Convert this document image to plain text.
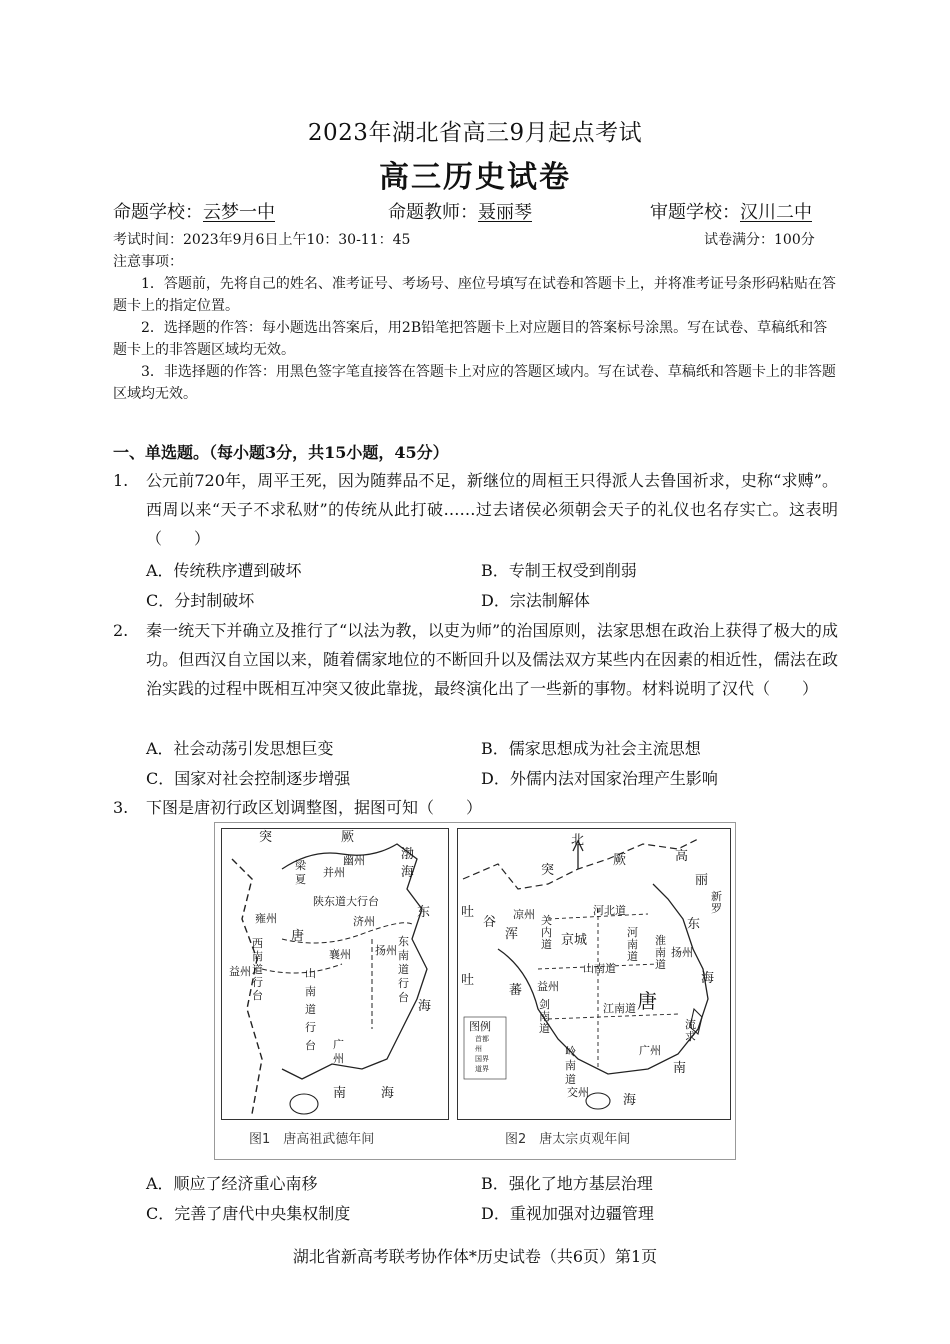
2023年湖北省高三9月起点考试
高三历史试卷
命题学校：云梦一中	命题教师：聂丽琴	审题学校：汉川二中
考试时间：2023年9月6日上午10：30-11：45	试卷满分：100分
注意事项：

1．答题前，先将自己的姓名、准考证号、考场号、座位号填写在试卷和答题卡上，并将准考证号条形码粘贴在答题卡上的指定位置。

2．选择题的作答：每小题选出答案后，用2B铅笔把答题卡上对应题目的答案标号涂黑。写在试卷、草稿纸和答题卡上的非答题区域均无效。

3．非选择题的作答：用黑色签字笔直接答在答题卡上对应的答题区域内。写在试卷、草稿纸和答题卡上的非答题区域均无效。

一、单选题。（每小题3分，共15小题，45分）
1. 公元前720年，周平王死，因为随葬品不足，新继位的周桓王只得派人去鲁国祈求，史称“求赙”。西周以来“天子不求私财”的传统从此打破……过去诸侯必须朝会天子的礼仪也名存实亡。这表明（　　）
A．传统秩序遭到破坏	B．专制王权受到削弱
C．分封制破坏	D．宗法制解体
2. 秦一统天下并确立及推行了“以法为教，以吏为师”的治国原则，法家思想在政治上获得了极大的成功。但西汉自立国以来，随着儒家地位的不断回升以及儒法双方某些内在因素的相近性，儒法在政治实践的过程中既相互冲突又彼此靠拢，最终演化出了一些新的事物。材料说明了汉代（　　）
A．社会动荡引发思想巨变	B．儒家思想成为社会主流思想
C．国家对社会控制逐步增强	D．外儒内法对国家治理产生影响
3. 下图是唐初行政区划调整图，据图可知（　　）
突	厥
梁
夏
幽州
并州
渤
海
陕东道大行台
雍州
唐
济州
东
西南道行台
益州
襄州
山南道行台
扬州
东南道行台
海
广州
南	海
北
突
厥	高
丽
新
罗
吐
谷
浑
吐
蕃
关内道 京城
河北道
河南道
淮南道
山南道
剑南道
江南道
岭南道
唐
东
海
南
海
流求
凉州
益州
扬州
广州
交州
图例
首都
州
国界
道界
图1　唐高祖武德年间	图2　唐太宗贞观年间
A．顺应了经济重心南移	B．强化了地方基层治理
C．完善了唐代中央集权制度	D．重视加强对边疆管理
湖北省新高考联考协作体*历史试卷（共6页）第1页
